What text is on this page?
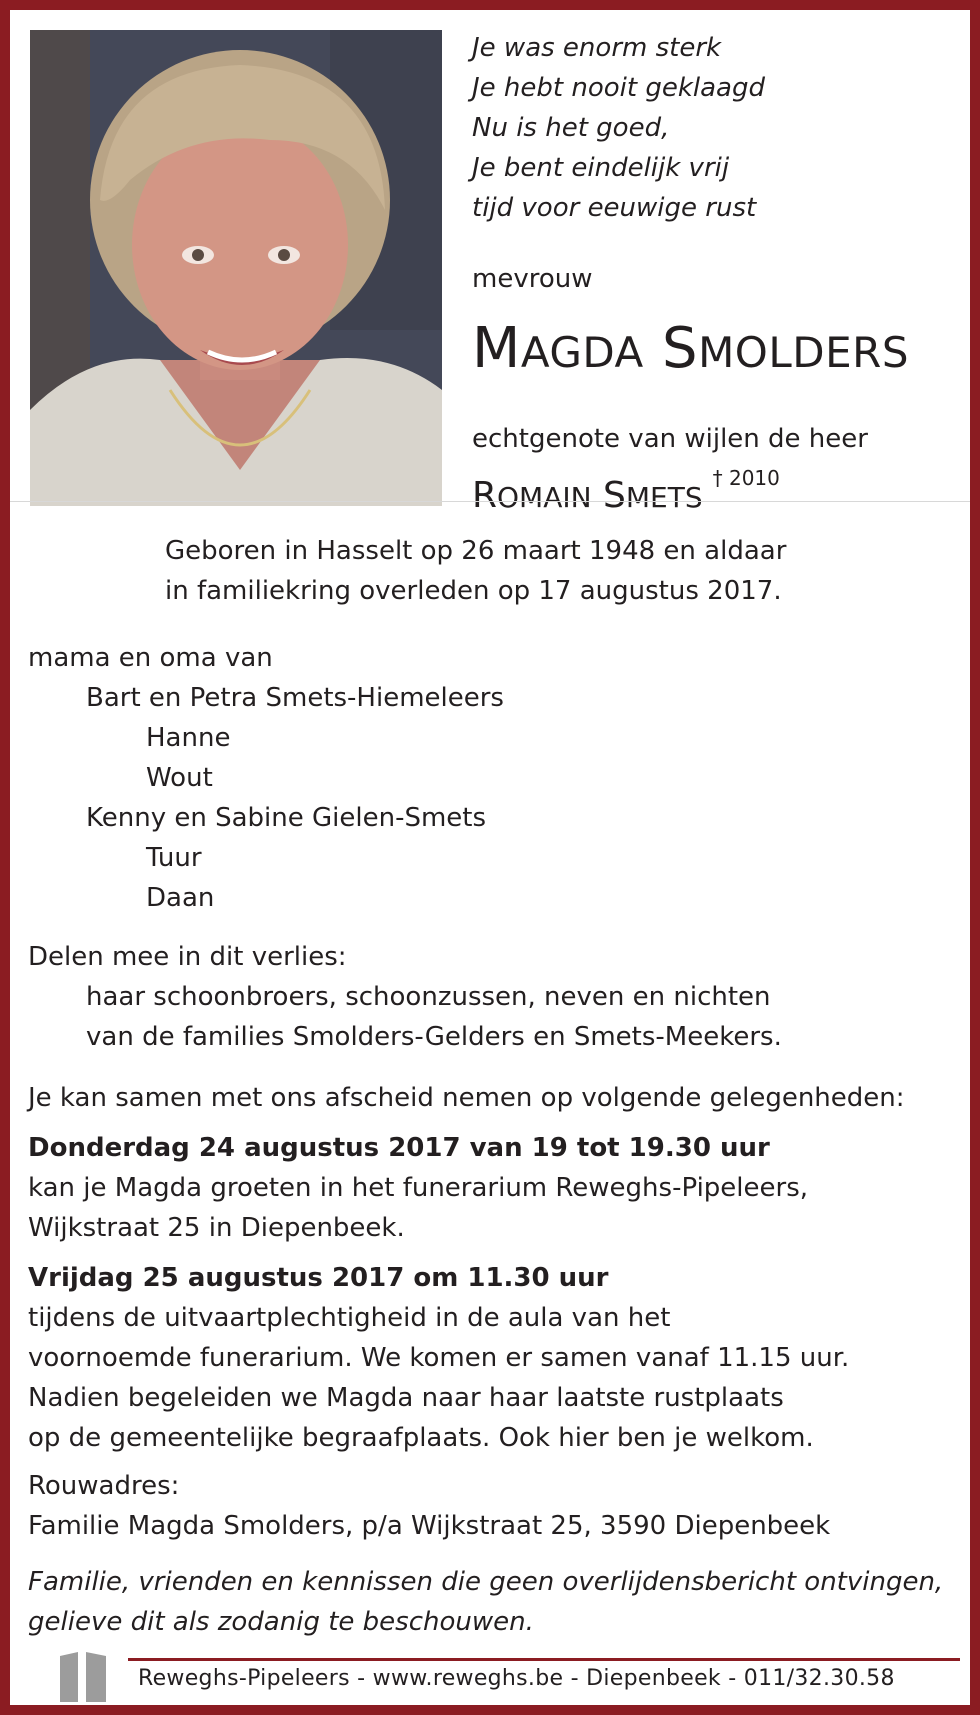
Je was enorm sterk
Je hebt nooit geklaagd
Nu is het goed,
Je bent eindelijk vrij
tijd voor eeuwige rust
mevrouw
MAGDA SMOLDERS
echtgenote van wijlen de heer
ROMAIN $SMETS^{\dagger 2010}$
Geboren in Hasselt op 26 maart 1948 en aldaar
in familiekring overleden op 17 augustus 2017.
mama en oma van
Bart en Petra Smets-Hiemeleers
Hanne
Wout
Kenny en Sabine Gielen-Smets
Tuur
Daan
Delen mee in dit verlies:
haar schoonbroers, schoonzussen, neven en nichten
van de families Smolders-Gelders en Smets-Meekers.
Je kan samen met ons afscheid nemen op volgende gelegenheden:
Donderdag 24 augustus 2017 van 19 tot 19.30 uur
kan je Magda groeten in het funerarium Reweghs-Pipeleers,
Wijkstraat 25 in Diepenbeek.
Vrijdag 25 augustus 2017 om 11.30 uur
tijdens de uitvaartplechtigheid in de aula van het
voornoemde funerarium. We komen er samen vanaf 11.15 uur.
Nadien begeleiden we Magda naar haar laatste rustplaats
op de gemeentelijke begraafplaats. Ook hier ben je welkom.
Rouwadres:
Familie Magda Smolders, p/a Wijkstraat 25, 3590 Diepenbeek
Familie, vrienden en kennissen die geen overlijdensbericht ontvingen,
gelieve dit als zodanig te beschouwen.
Reweghs-Pipeleers - www.reweghs.be - Diepenbeek - 011/32.30.58
